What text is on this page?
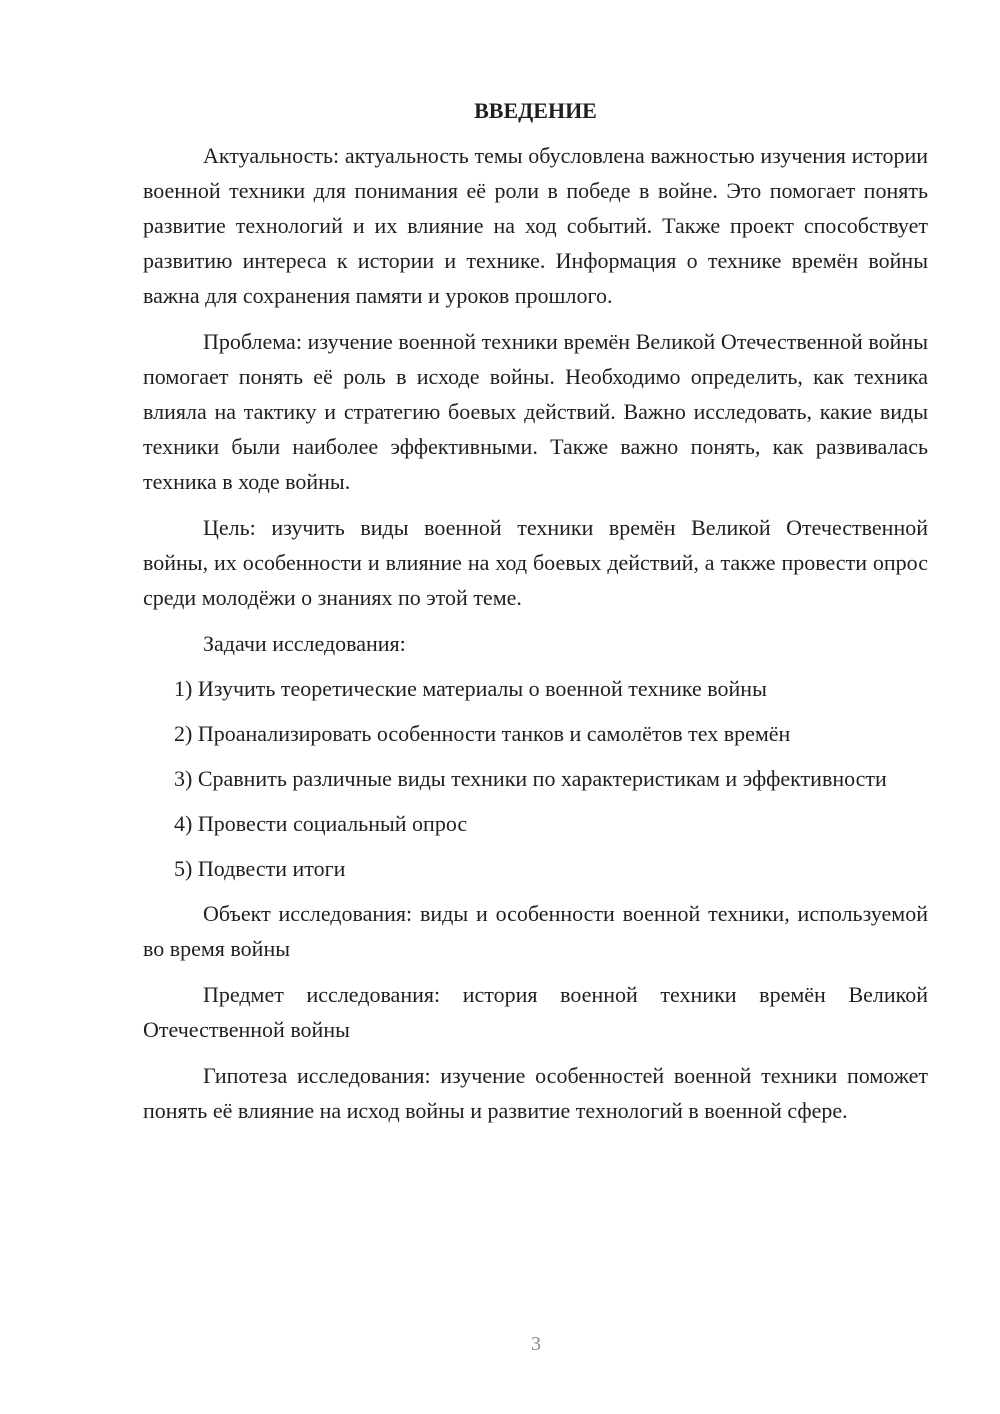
ВВЕДЕНИЕ

Актуальность: актуальность темы обусловлена важностью изучения истории военной техники для понимания её роли в победе в войне. Это помогает понять развитие технологий и их влияние на ход событий. Также проект способствует развитию интереса к истории и технике. Информация о технике времён войны важна для сохранения памяти и уроков прошлого.

Проблема: изучение военной техники времён Великой Отечественной войны помогает понять её роль в исходе войны. Необходимо определить, как техника влияла на тактику и стратегию боевых действий. Важно исследовать, какие виды техники были наиболее эффективными. Также важно понять, как развивалась техника в ходе войны.

Цель: изучить виды военной техники времён Великой Отечественной войны, их особенности и влияние на ход боевых действий, а также провести опрос среди молодёжи о знаниях по этой теме.

Задачи исследования:

1) Изучить теоретические материалы о военной технике войны

2) Проанализировать особенности танков и самолётов тех времён

3) Сравнить различные виды техники по характеристикам и эффективности

4) Провести социальный опрос

5) Подвести итоги

Объект исследования: виды и особенности военной техники, используемой во время войны

Предмет исследования: история военной техники времён Великой Отечественной войны

Гипотеза исследования: изучение особенностей военной техники поможет понять её влияние на исход войны и развитие технологий в военной сфере.

3
